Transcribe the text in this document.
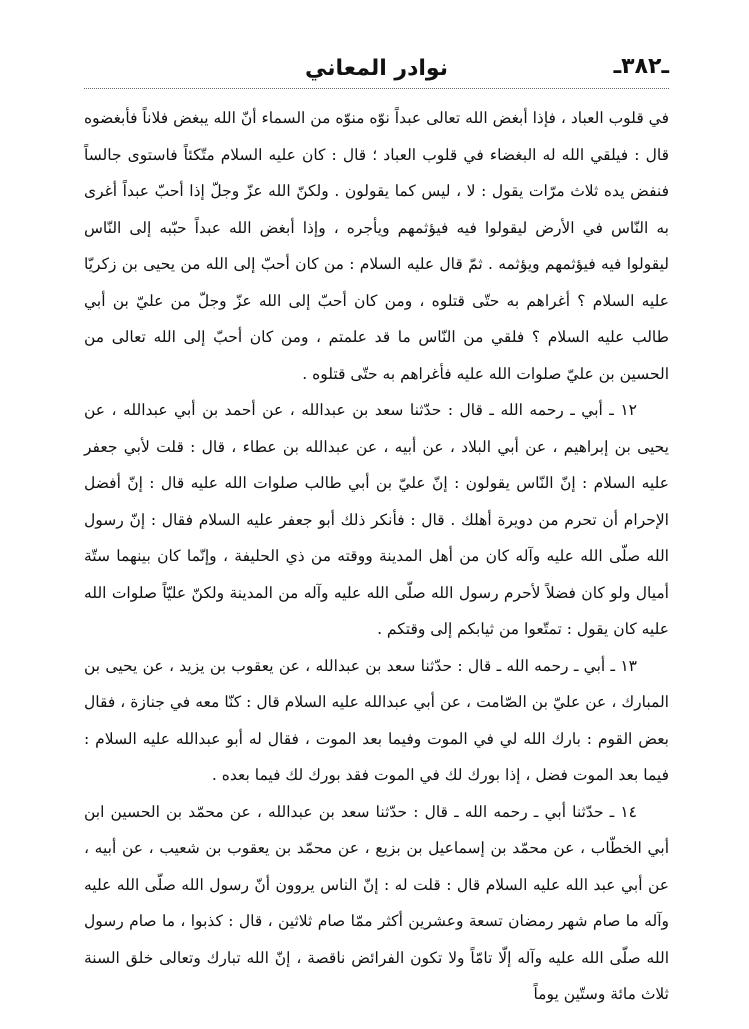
نوادر المعاني	ـ٣٨٢ـ

في قلوب العباد ، فإذا أبغض الله تعالى عبداً نوّه منوّه من السماء أنّ الله يبغض فلاناً فأبغضوه قال : فيلقي الله له البغضاء في قلوب العباد ؛ قال : كان عليه السلام متّكئاً فاستوى جالساً فنفض يده ثلاث مرّات يقول : لا ، ليس كما يقولون . ولكنّ الله عزّ وجلّ إذا أحبّ عبداً أغرى به النّاس في الأرض ليقولوا فيه فيؤثمهم ويأجره ، وإذا أبغض الله عبداً حبّبه إلى النّاس ليقولوا فيه فيؤثمهم ويؤثمه . ثمّ قال عليه السلام : من كان أحبّ إلى الله من يحيى بن زكريّا عليه السلام ؟ أغراهم به حتّى قتلوه ، ومن كان أحبّ إلى الله عزّ وجلّ من عليّ بن أبي طالب عليه السلام ؟ فلقي من النّاس ما قد علمتم ، ومن كان أحبّ إلى الله تعالى من الحسين بن عليّ صلوات الله عليه فأغراهم به حتّى قتلوه .

١٢ ـ أبي ـ رحمه الله ـ قال : حدّثنا سعد بن عبدالله ، عن أحمد بن أبي عبدالله ، عن يحيى بن إبراهيم ، عن أبي البلاد ، عن أبيه ، عن عبدالله بن عطاء ، قال : قلت لأبي جعفر عليه السلام : إنّ النّاس يقولون : إنّ عليّ بن أبي طالب صلوات الله عليه قال : إنّ أفضل الإحرام أن تحرم من دويرة أهلك . قال : فأنكر ذلك أبو جعفر عليه السلام فقال : إنّ رسول الله صلّى الله عليه وآله كان من أهل المدينة ووقته من ذي الحليفة ، وإنّما كان بينهما ستّة أميال ولو كان فضلاً لأحرم رسول الله صلّى الله عليه وآله من المدينة ولكنّ عليّاً صلوات الله عليه كان يقول : تمتّعوا من ثيابكم إلى وقتكم .

١٣ ـ أبي ـ رحمه الله ـ قال : حدّثنا سعد بن عبدالله ، عن يعقوب بن يزيد ، عن يحيى بن المبارك ، عن عليّ بن الصّامت ، عن أبي عبدالله عليه السلام قال : كنّا معه في جنازة ، فقال بعض القوم : بارك الله لي في الموت وفيما بعد الموت ، فقال له أبو عبدالله عليه السلام : فيما بعد الموت فضل ، إذا بورك لك في الموت فقد بورك لك فيما بعده .

١٤ ـ حدّثنا أبي ـ رحمه الله ـ قال : حدّثنا سعد بن عبدالله ، عن محمّد بن الحسين ابن أبي الخطّاب ، عن محمّد بن إسماعيل بن بزيع ، عن محمّد بن يعقوب بن شعيب ، عن أبيه ، عن أبي عبد الله عليه السلام قال : قلت له : إنّ الناس يروون أنّ رسول الله صلّى الله عليه وآله ما صام شهر رمضان تسعة وعشرين أكثر ممّا صام ثلاثين ، قال : كذبوا ، ما صام رسول الله صلّى الله عليه وآله إلّا تامّاً ولا تكون الفرائض ناقصة ، إنّ الله تبارك وتعالى خلق السنة ثلاث مائة وستّين يوماً
